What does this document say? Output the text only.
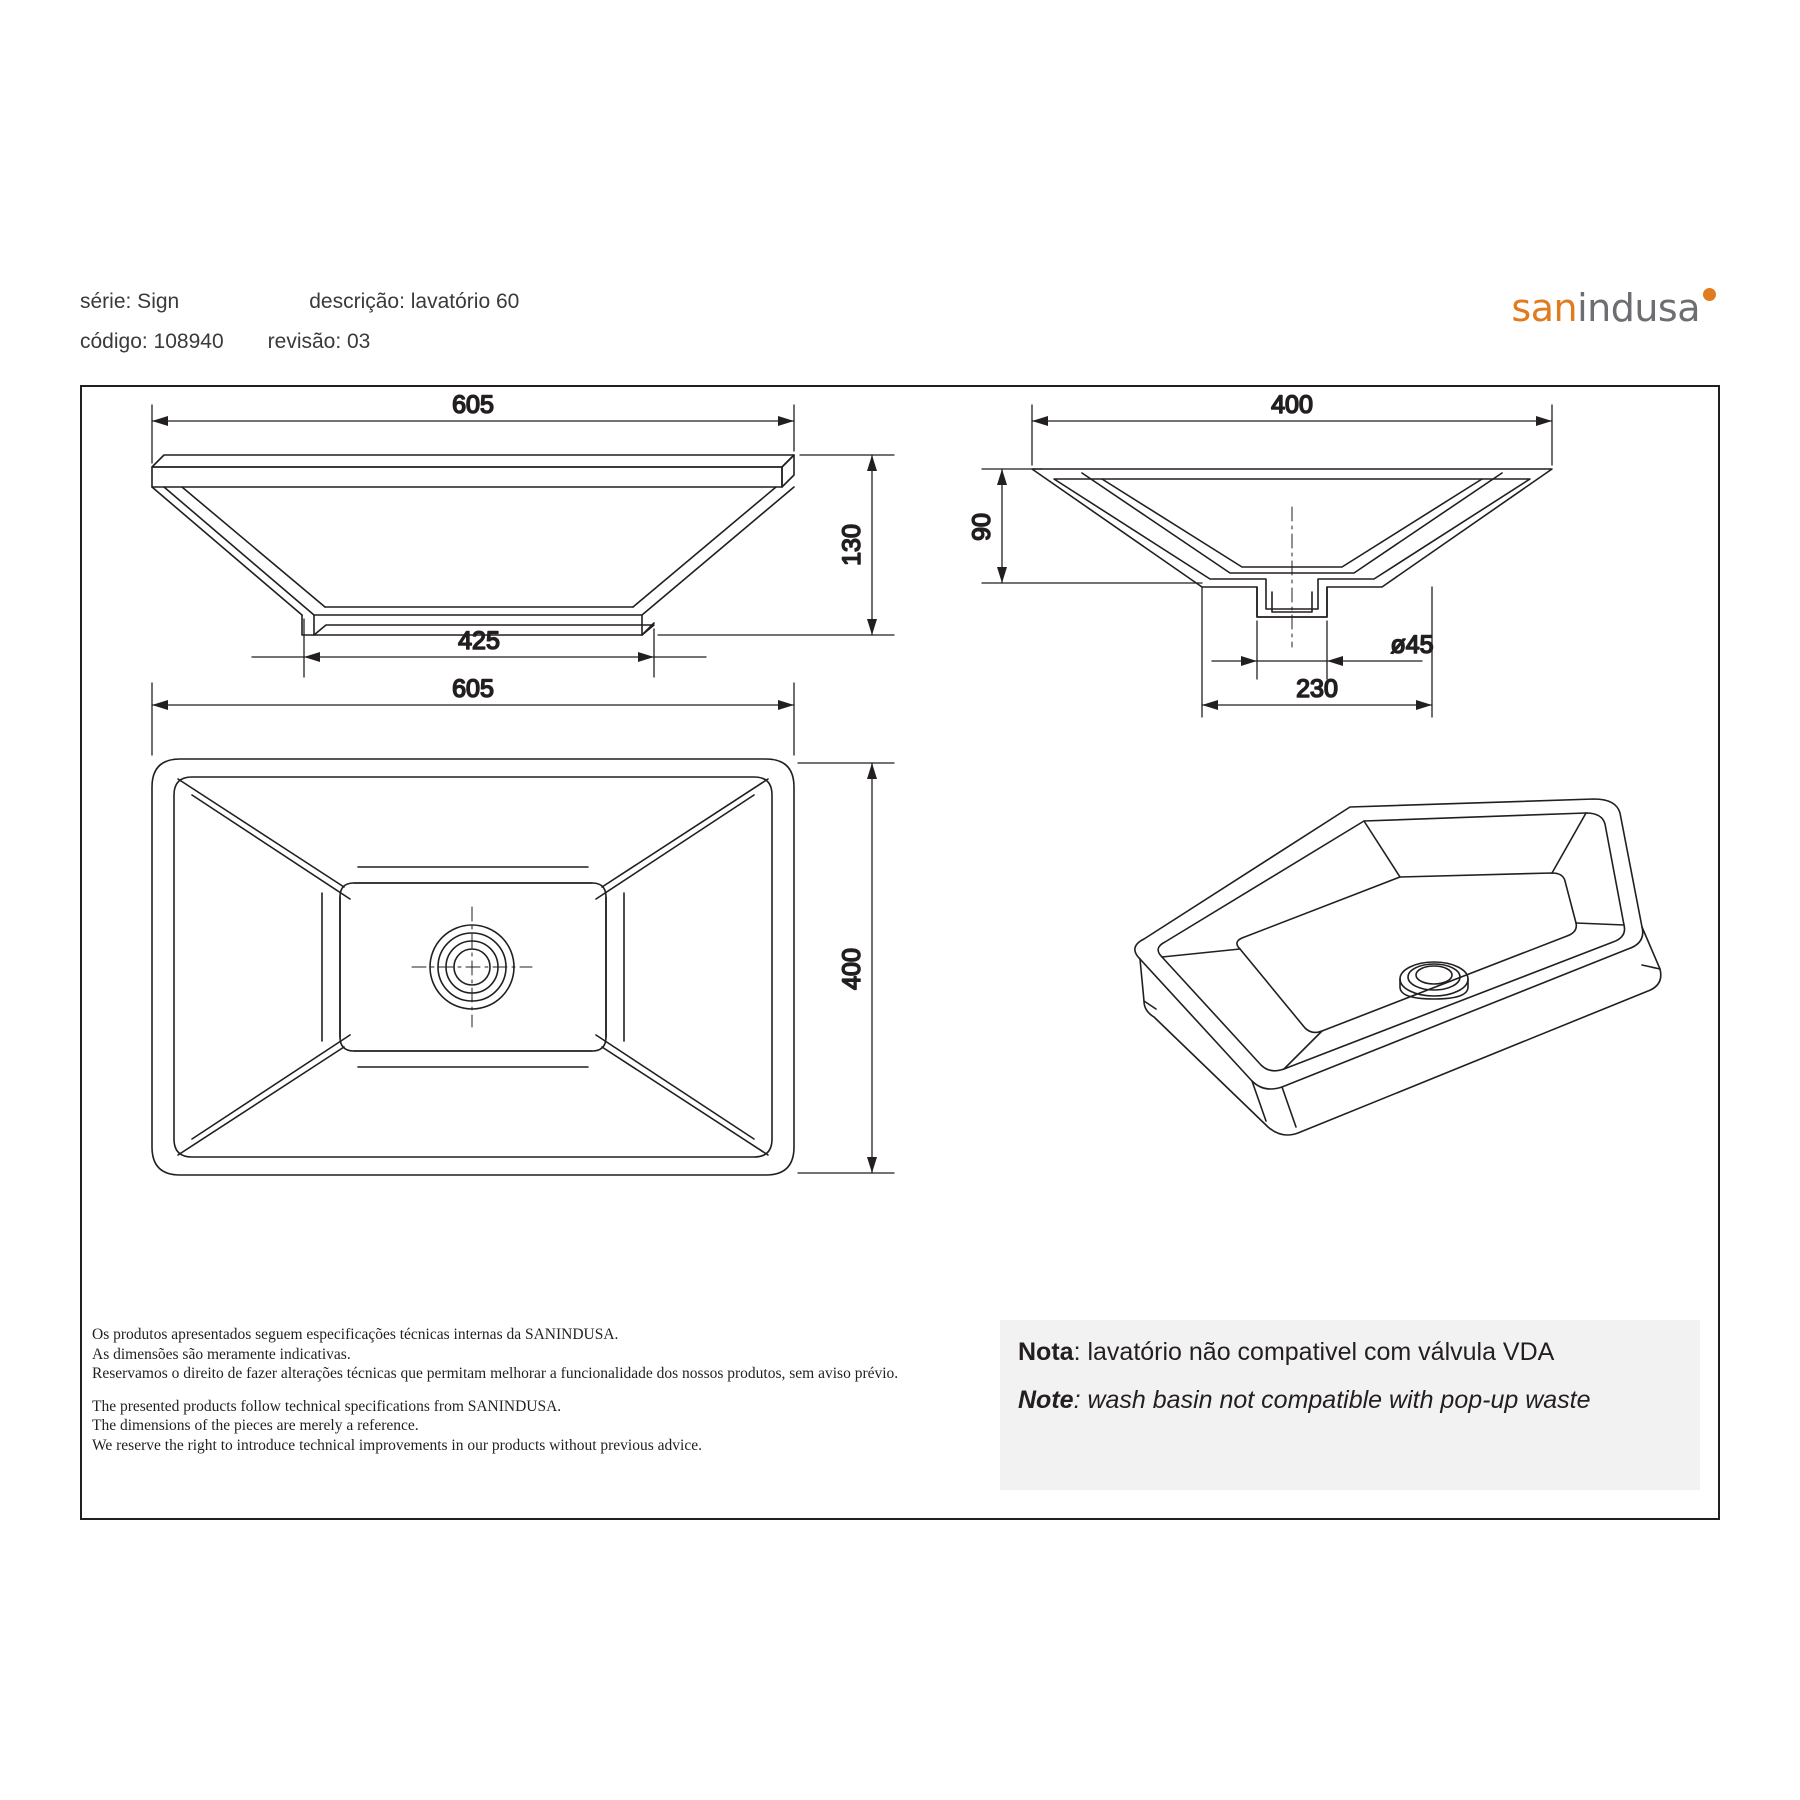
série: Sign	descrição: lavatório 60
código: 108940 revisão: 03
sanindusa
605
130
425
605
400
400
90
ø45
230

Os produtos apresentados seguem especificações técnicas internas da SANINDUSA.

As dimensões são meramente indicativas.

Reservamos o direito de fazer alterações técnicas que permitam melhorar a funcionalidade dos nossos produtos, sem aviso prévio.

The presented products follow technical specifications from SANINDUSA.

The dimensions of the pieces are merely a reference.

We reserve the right to introduce technical improvements in our products without previous advice.

Nota: lavatório não compativel com válvula VDA
Note: wash basin not compatible with pop-up waste
